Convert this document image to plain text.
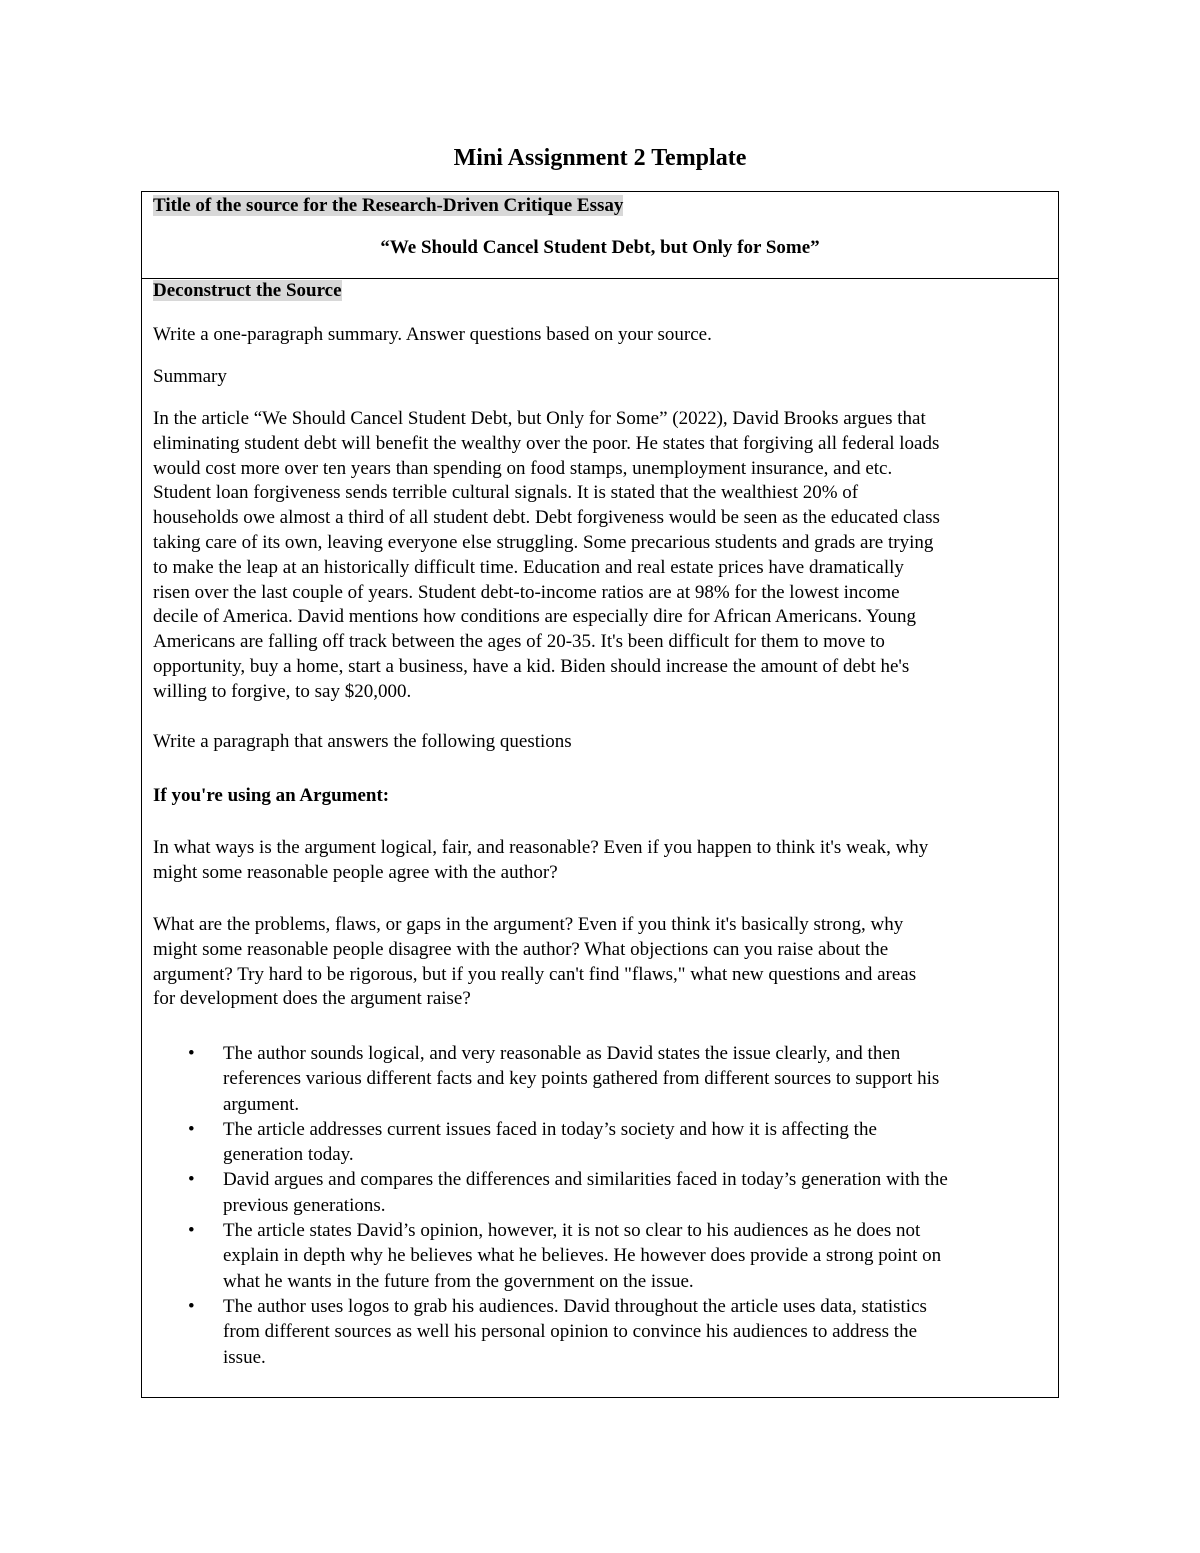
Mini Assignment 2 Template
Title of the source for the Research-Driven Critique Essay
“We Should Cancel Student Debt, but Only for Some”
Deconstruct the Source
Write a one-paragraph summary. Answer questions based on your source.
Summary
In the article “We Should Cancel Student Debt, but Only for Some” (2022), David Brooks argues that
eliminating student debt will benefit the wealthy over the poor. He states that forgiving all federal loads
would cost more over ten years than spending on food stamps, unemployment insurance, and etc.
Student loan forgiveness sends terrible cultural signals. It is stated that the wealthiest 20% of
households owe almost a third of all student debt. Debt forgiveness would be seen as the educated class
taking care of its own, leaving everyone else struggling. Some precarious students and grads are trying
to make the leap at an historically difficult time. Education and real estate prices have dramatically
risen over the last couple of years. Student debt-to-income ratios are at 98% for the lowest income
decile of America. David mentions how conditions are especially dire for African Americans. Young
Americans are falling off track between the ages of 20-35. It's been difficult for them to move to
opportunity, buy a home, start a business, have a kid. Biden should increase the amount of debt he's
willing to forgive, to say $20,000.
Write a paragraph that answers the following questions
If you're using an Argument:
In what ways is the argument logical, fair, and reasonable? Even if you happen to think it's weak, why
might some reasonable people agree with the author?
What are the problems, flaws, or gaps in the argument? Even if you think it's basically strong, why
might some reasonable people disagree with the author? What objections can you raise about the
argument? Try hard to be rigorous, but if you really can't find "flaws," what new questions and areas
for development does the argument raise?
• The author sounds logical, and very reasonable as David states the issue clearly, and then
references various different facts and key points gathered from different sources to support his
argument.
• The article addresses current issues faced in today’s society and how it is affecting the
generation today.
• David argues and compares the differences and similarities faced in today’s generation with the
previous generations.
• The article states David’s opinion, however, it is not so clear to his audiences as he does not
explain in depth why he believes what he believes. He however does provide a strong point on
what he wants in the future from the government on the issue.
• The author uses logos to grab his audiences. David throughout the article uses data, statistics
from different sources as well his personal opinion to convince his audiences to address the
issue.
